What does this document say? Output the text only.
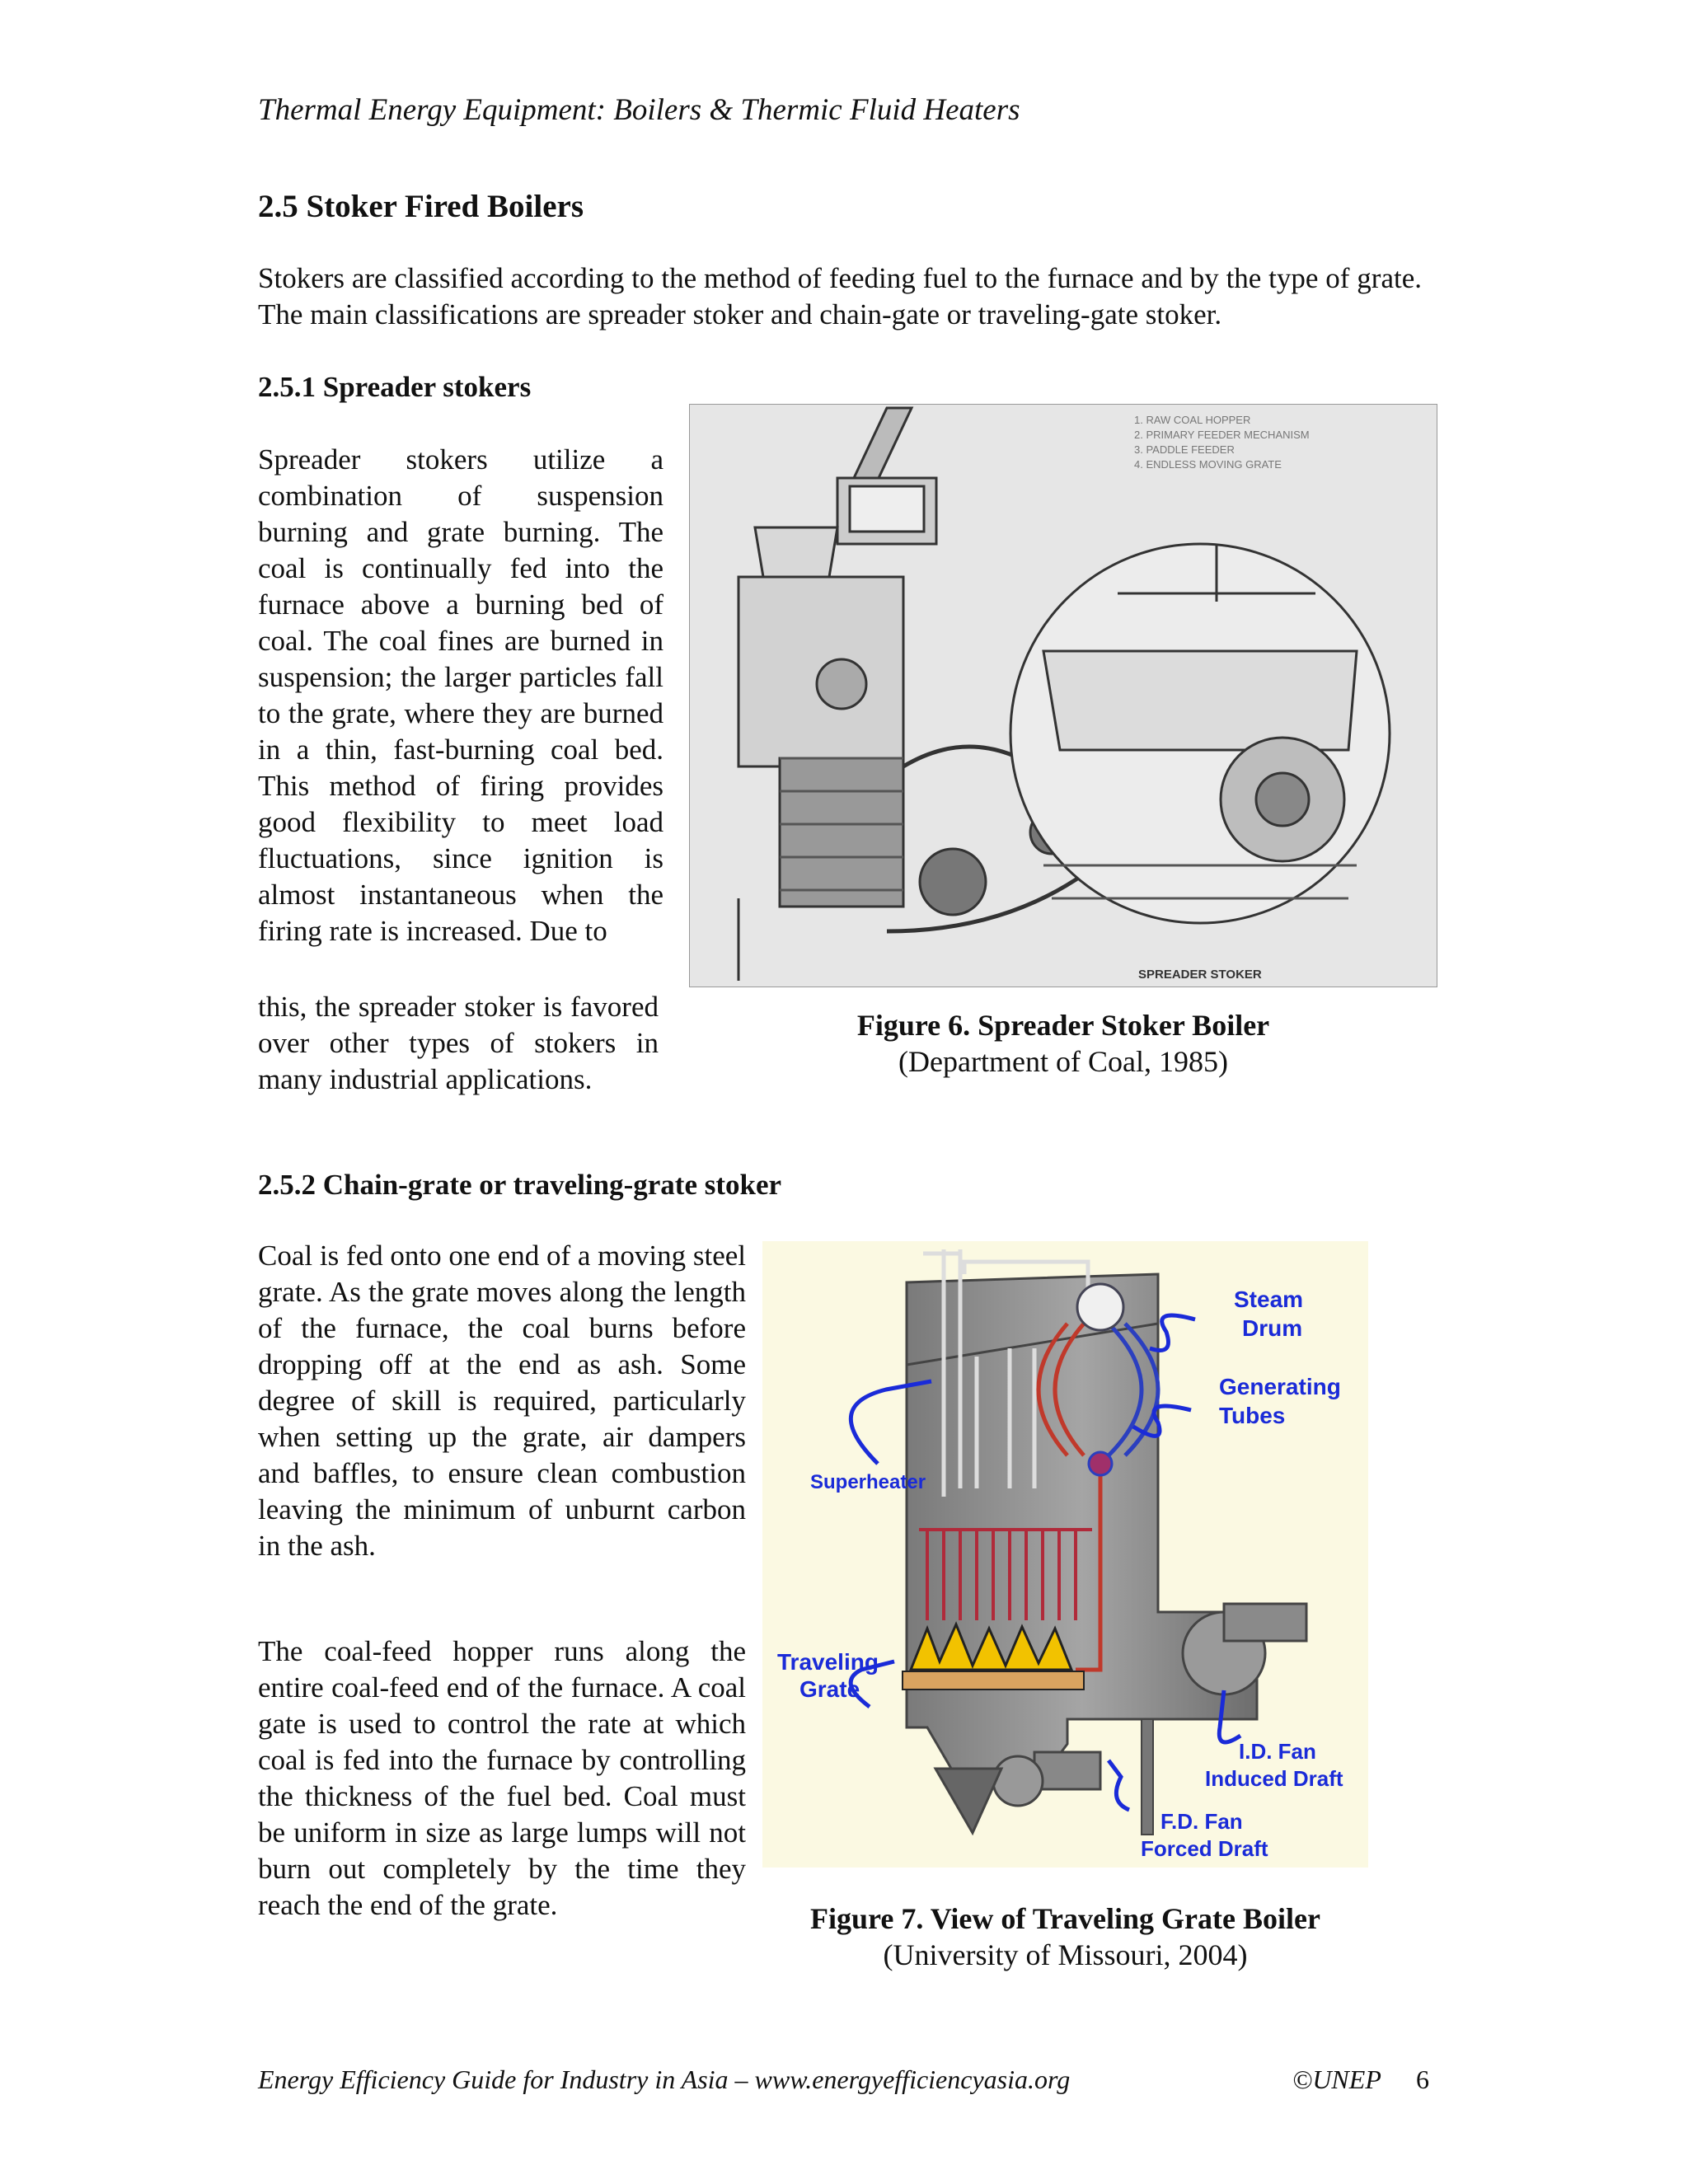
Thermal Energy Equipment: Boilers & Thermic Fluid Heaters
2.5 Stoker Fired Boilers
Stokers are classified according to the method of feeding fuel to the furnace and by the type of grate. The main classifications are spreader stoker and chain-gate or traveling-gate stoker.
2.5.1 Spreader stokers
Spreader stokers utilize a combination of suspension burning and grate burning. The coal is continually fed into the furnace above a burning bed of coal. The coal fines are burned in suspension; the larger particles fall to the grate, where they are burned in a thin, fast-burning coal bed. This method of firing provides good flexibility to meet load fluctuations, since ignition is almost instantaneous when the firing rate is increased. Due to
this, the spreader stoker is favored over other types of stokers in many industrial applications.
1. RAW COAL HOPPER
2. PRIMARY FEEDER MECHANISM
3. PADDLE FEEDER
4. ENDLESS MOVING GRATE
SPREADER STOKER
Figure 6. Spreader Stoker Boiler
(Department of Coal, 1985)
2.5.2 Chain-grate or traveling-grate stoker
Coal is fed onto one end of a moving steel grate. As the grate moves along the length of the furnace, the coal burns before dropping off at the end as ash. Some degree of skill is required, particularly when setting up the grate, air dampers and baffles, to ensure clean combustion leaving the minimum of unburnt carbon in the ash.
The coal-feed hopper runs along the entire coal-feed end of the furnace. A coal gate is used to control the rate at which coal is fed into the furnace by controlling the thickness of the fuel bed. Coal must be uniform in size as large lumps will not burn out completely by the time they reach the end of the grate.
Steam
Drum
Generating
Tubes
Superheater
Traveling
Grate
I.D. Fan
Induced Draft
F.D. Fan
Forced Draft
Figure 7. View of Traveling Grate Boiler
(University of Missouri, 2004)
Energy Efficiency Guide for Industry in Asia – www.energyefficiencyasia.org	©UNEP 6
